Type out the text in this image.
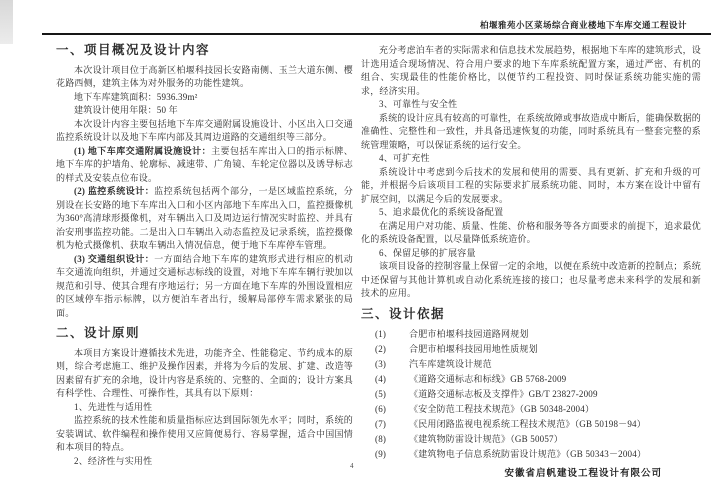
柏堰雅苑小区菜场综合商业楼地下车库交通工程设计
一、项目概况及设计内容

本次设计项目位于高新区柏堰科技园长安路南侧、玉兰大道东侧、樱花路西侧，建筑主体为对外服务的功能性建筑。

地下车库建筑面积：5936.39m²

建筑设计使用年限：50 年

本次设计内容主要包括地下车库交通附属设施设计、小区出入口交通监控系统设计以及地下车库内部及其周边道路的交通组织等三部分。

(1) 地下车库交通附属设施设计：主要包括车库出入口的指示标牌、地下车库的护墙角、轮廓标、减速带、广角镜、车轮定位器以及诱导标志的样式及安装点位布设。

(2) 监控系统设计：监控系统包括两个部分，一是区域监控系统，分别设在长安路的地下车库出入口和小区内部地下车库出入口，监控摄像机为360°高清球形摄像机，对车辆出入口及周边运行情况实时监控、并具有治安刑事监控功能。二是出入口车辆出入动态监控及记录系统，监控摄像机为枪式摄像机、获取车辆出入情况信息，便于地下车库停车管理。

(3) 交通组织设计：一方面结合地下车库的建筑形式进行相应的机动车交通流向组织，并通过交通标志标线的设置，对地下车库车辆行驶加以规范和引导、使其合理有序地运行；另一方面在地下车库的外围设置相应的区域停车指示标牌，以方便泊车者出行，缓解局部停车需求紧张的局面。

二、设计原则

本项目方案设计遵循技术先进，功能齐全、性能稳定、节约成本的原则，综合考虑施工、维护及操作因素，并将为今后的发展、扩建、改造等因素留有扩充的余地，设计内容是系统的、完整的、全面的；设计方案具有科学性、合理性、可操作性，其具有以下原则：

1、先进性与适用性

监控系统的技术性能和质量指标应达到国际领先水平；同时，系统的安装调试、软件编程和操作使用又应简便易行、容易掌握，适合中国国情和本项目的特点。

2、经济性与实用性

充分考虑泊车者的实际需求和信息技术发展趋势，根据地下车库的建筑形式，设计选用适合现场情况、符合用户要求的地下车库系统配置方案，通过严密、有机的组合、实现最佳的性能价格比，以便节约工程投资、同时保证系统功能实施的需求，经济实用。

3、可靠性与安全性

系统的设计应具有较高的可靠性，在系统故障或事故造成中断后，能确保数据的准确性、完整性和一致性，并具备迅速恢复的功能，同时系统具有一整套完整的系统管理策略，可以保证系统的运行安全。

4、可扩充性

系统设计中考虑到今后技术的发展和使用的需要、具有更新、扩充和升级的可能，并根据今后该项目工程的实际要求扩展系统功能、同时，本方案在设计中留有扩展空间，以满足今后的发展要求。

5、追求最优化的系统设备配置

在满足用户对功能、质量、性能、价格和服务等各方面要求的前提下，追求最优化的系统设备配置，以尽量降低系统造价。

6、保留足够的扩展容量

该项目设备的控制容量上保留一定的余地，以便在系统中改造新的控制点；系统中还保留与其他计算机或自动化系统连接的接口；也尽量考虑未来科学的发展和新技术的应用。

三、设计依据
(1)	合肥市柏堰科技园道路网规划
(2)	合肥市柏堰科技园用地性质规划
(3)	汽车库建筑设计规范
(4)	《道路交通标志和标线》GB 5768-2009
(5)	《道路交通标志板及支撑件》GB/T 23827-2009
(6)	《安全防范工程技术规范》（GB 50348-2004）
(7)	《民用闭路监视电视系统工程技术规范》（GB 50198－94）
(8)	《建筑物防雷设计规范》（GB 50057）
(9)	《建筑物电子信息系统防雷设计规范》（GB 50343－2004）
4
安徽省启帆建设工程设计有限公司
